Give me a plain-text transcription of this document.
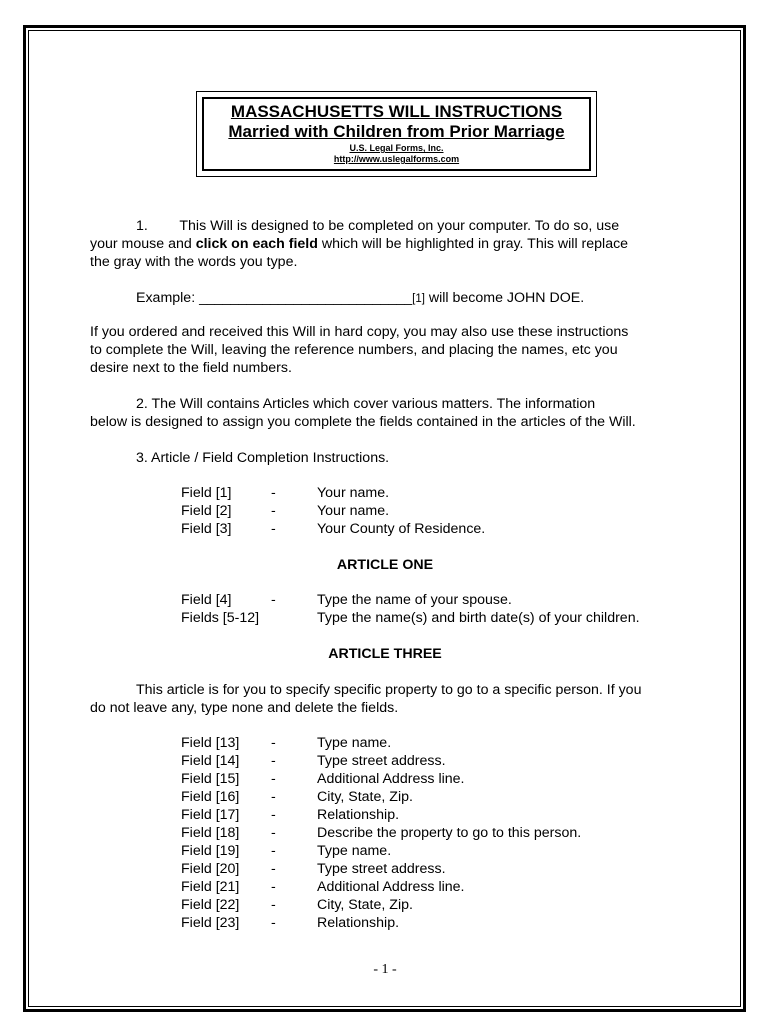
MASSACHUSETTS WILL INSTRUCTIONS
Married with Children from Prior Marriage
U.S. Legal Forms, Inc.
http://www.uslegalforms.com
1.        This Will is designed to be completed on your computer. To do so, use
your mouse and click on each field which will be highlighted in gray. This will replace
the gray with the words you type.
Example: ___________________________[1] will become JOHN DOE.
If you ordered and received this Will in hard copy, you may also use these instructions
to complete the Will, leaving the reference numbers, and placing the names, etc you
desire next to the field numbers.
2. The Will contains Articles which cover various matters. The information
below is designed to assign you complete the fields contained in the articles of the Will.
3. Article / Field Completion Instructions.
Field [1]	-	Your name.
Field [2]	-	Your name.
Field [3]	-	Your County of Residence.
ARTICLE ONE
Field [4]	-	Type the name of your spouse.
Fields [5-12]	Type the name(s) and birth date(s) of your children.
ARTICLE THREE
This article is for you to specify specific property to go to a specific person. If you
do not leave any, type none and delete the fields.
Field [13] -	Type name.
Field [14] -	Type street address.
Field [15] -	Additional Address line.
Field [16] -	City, State, Zip.
Field [17] -	Relationship.
Field [18] -	Describe the property to go to this person.
Field [19] -	Type name.
Field [20] -	Type street address.
Field [21] -	Additional Address line.
Field [22] -	City, State, Zip.
Field [23] -	Relationship.
- 1 -
